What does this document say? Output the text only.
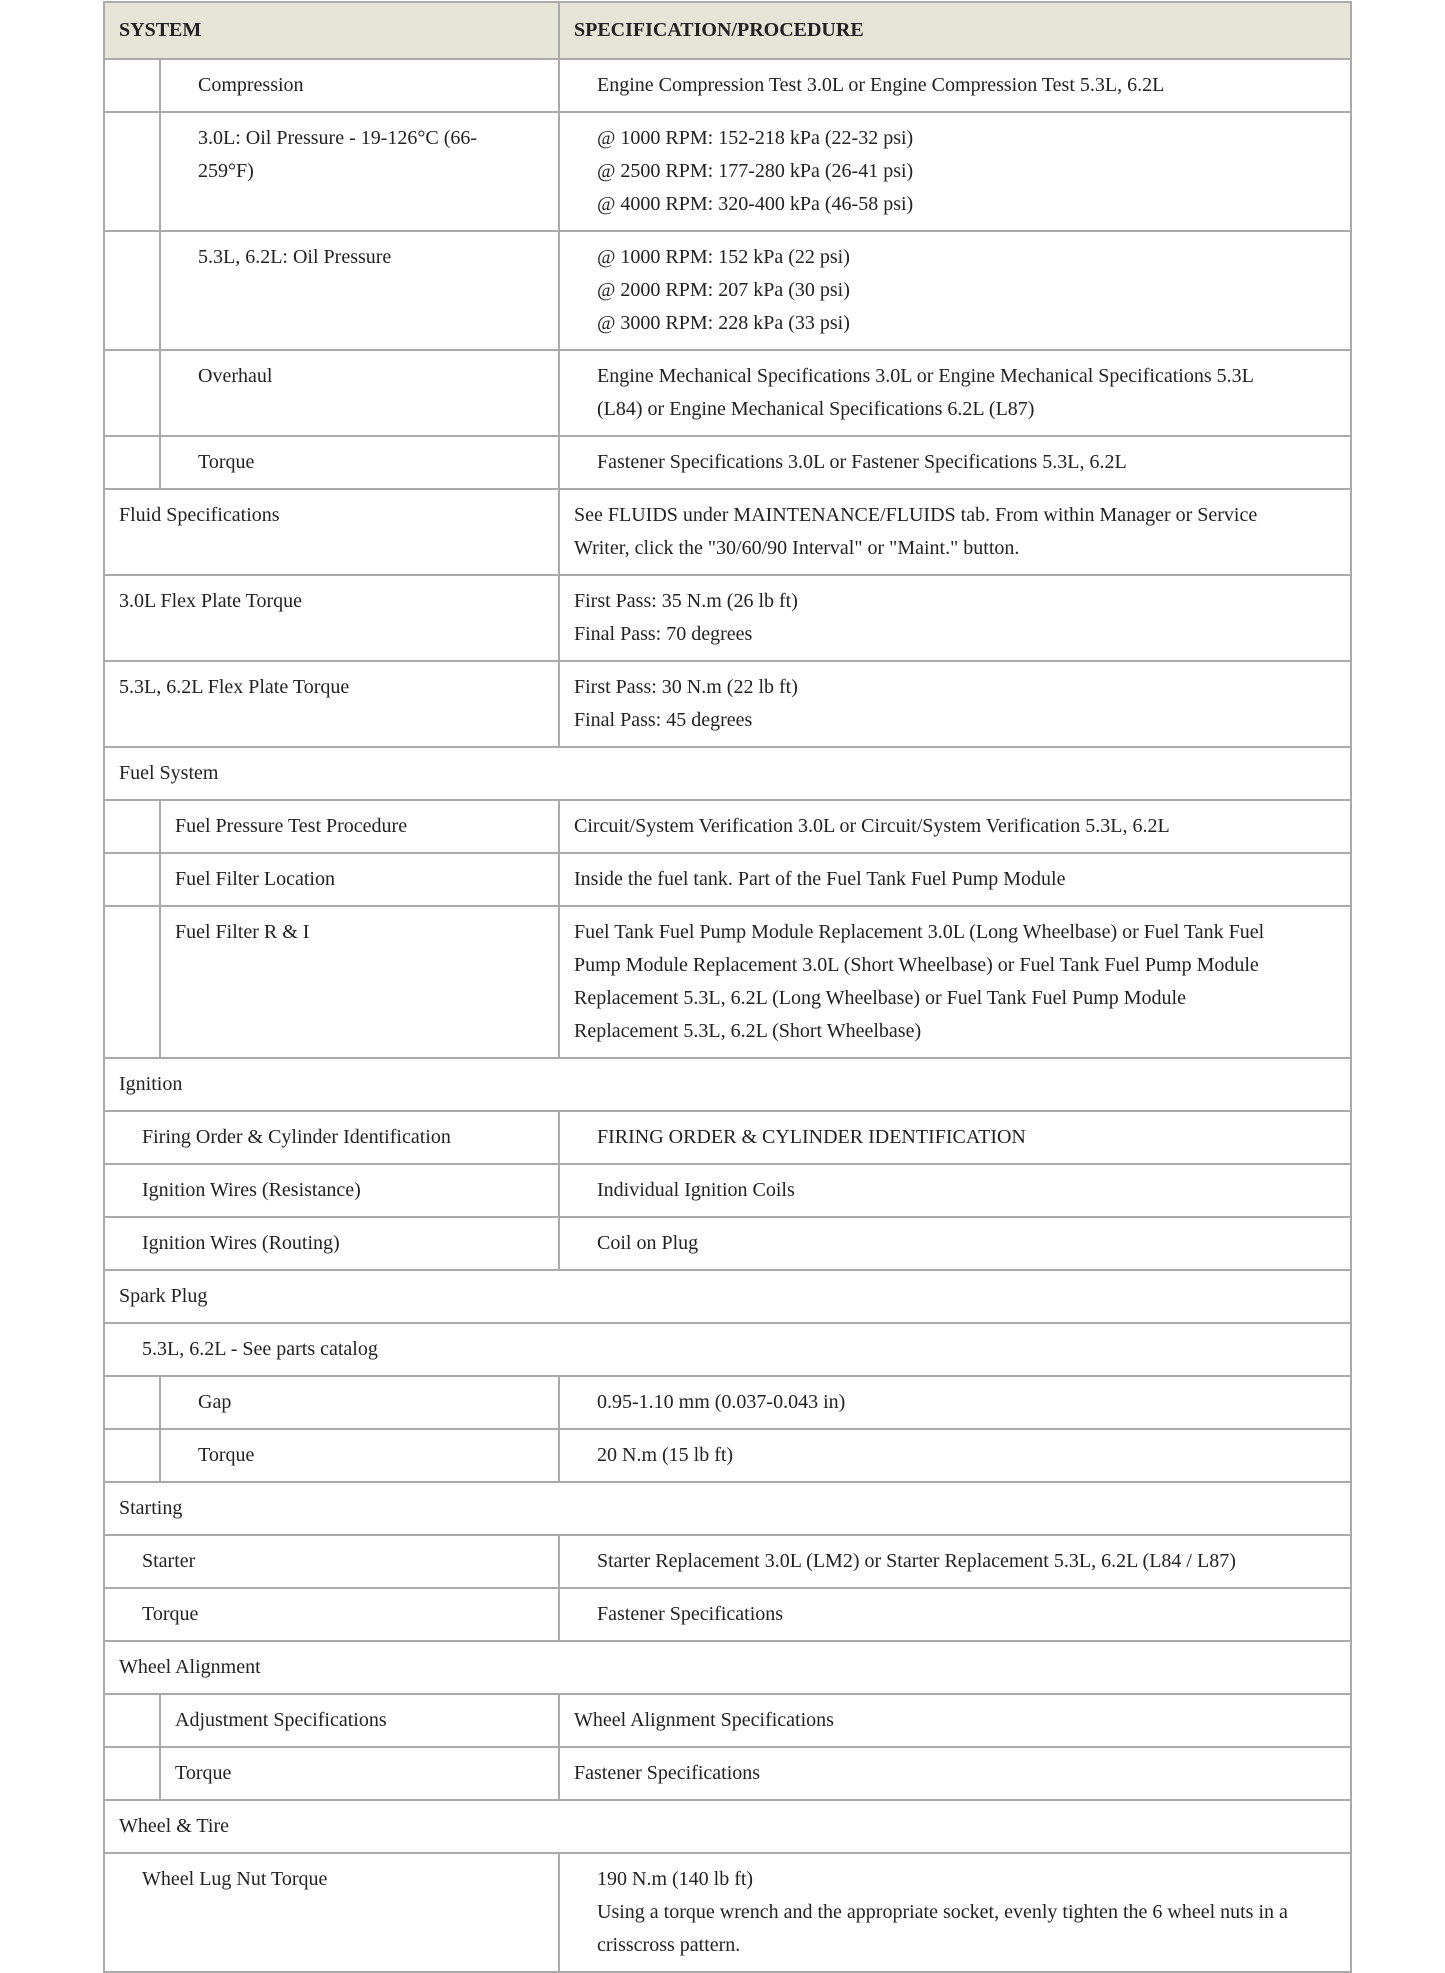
SYSTEM		SPECIFICATION/PROCEDURE
	Compression	Engine Compression Test 3.0L or Engine Compression Test 5.3L, 6.2L

	3.0L: Oil Pressure - 19-126°C (66-
259°F)	@ 1000 RPM: 152-218 kPa (22-32 psi)
@ 2500 RPM: 177-280 kPa (26-41 psi)
@ 4000 RPM: 320-400 kPa (46-58 psi)

	5.3L, 6.2L: Oil Pressure	@ 1000 RPM: 152 kPa (22 psi)
@ 2000 RPM: 207 kPa (30 psi)
@ 3000 RPM: 228 kPa (33 psi)

	Overhaul	Engine Mechanical Specifications 3.0L or Engine Mechanical Specifications 5.3L
(L84) or Engine Mechanical Specifications 6.2L (L87)

	Torque	Fastener Specifications 3.0L or Fastener Specifications 5.3L, 6.2L
Fluid Specifications		See FLUIDS under MAINTENANCE/FLUIDS tab. From within Manager or Service
Writer, click the "30/60/90 Interval" or "Maint." button.

3.0L Flex Plate Torque		First Pass: 35 N.m (26 lb ft)
Final Pass: 70 degrees

5.3L, 6.2L Flex Plate Torque		First Pass: 30 N.m (22 lb ft)
Final Pass: 45 degrees

Fuel System		
	Fuel Pressure Test Procedure	Circuit/System Verification 3.0L or Circuit/System Verification 5.3L, 6.2L
	Fuel Filter Location	Inside the fuel tank. Part of the Fuel Tank Fuel Pump Module
	Fuel Filter R & I	Fuel Tank Fuel Pump Module Replacement 3.0L (Long Wheelbase) or Fuel Tank Fuel
Pump Module Replacement 3.0L (Short Wheelbase) or Fuel Tank Fuel Pump Module
Replacement 5.3L, 6.2L (Long Wheelbase) or Fuel Tank Fuel Pump Module
Replacement 5.3L, 6.2L (Short Wheelbase)

Ignition		
Firing Order & Cylinder Identification		FIRING ORDER & CYLINDER IDENTIFICATION
Ignition Wires (Resistance)		Individual Ignition Coils
Ignition Wires (Routing)		Coil on Plug
Spark Plug		
5.3L, 6.2L - See parts catalog		
	Gap	0.95-1.10 mm (0.037-0.043 in)
	Torque	20 N.m (15 lb ft)
Starting		
Starter		Starter Replacement 3.0L (LM2) or Starter Replacement 5.3L, 6.2L (L84 / L87)
Torque		Fastener Specifications
Wheel Alignment		
	Adjustment Specifications	Wheel Alignment Specifications
	Torque	Fastener Specifications
Wheel & Tire		
Wheel Lug Nut Torque		190 N.m (140 lb ft)
Using a torque wrench and the appropriate socket, evenly tighten the 6 wheel nuts in a
crisscross pattern.
